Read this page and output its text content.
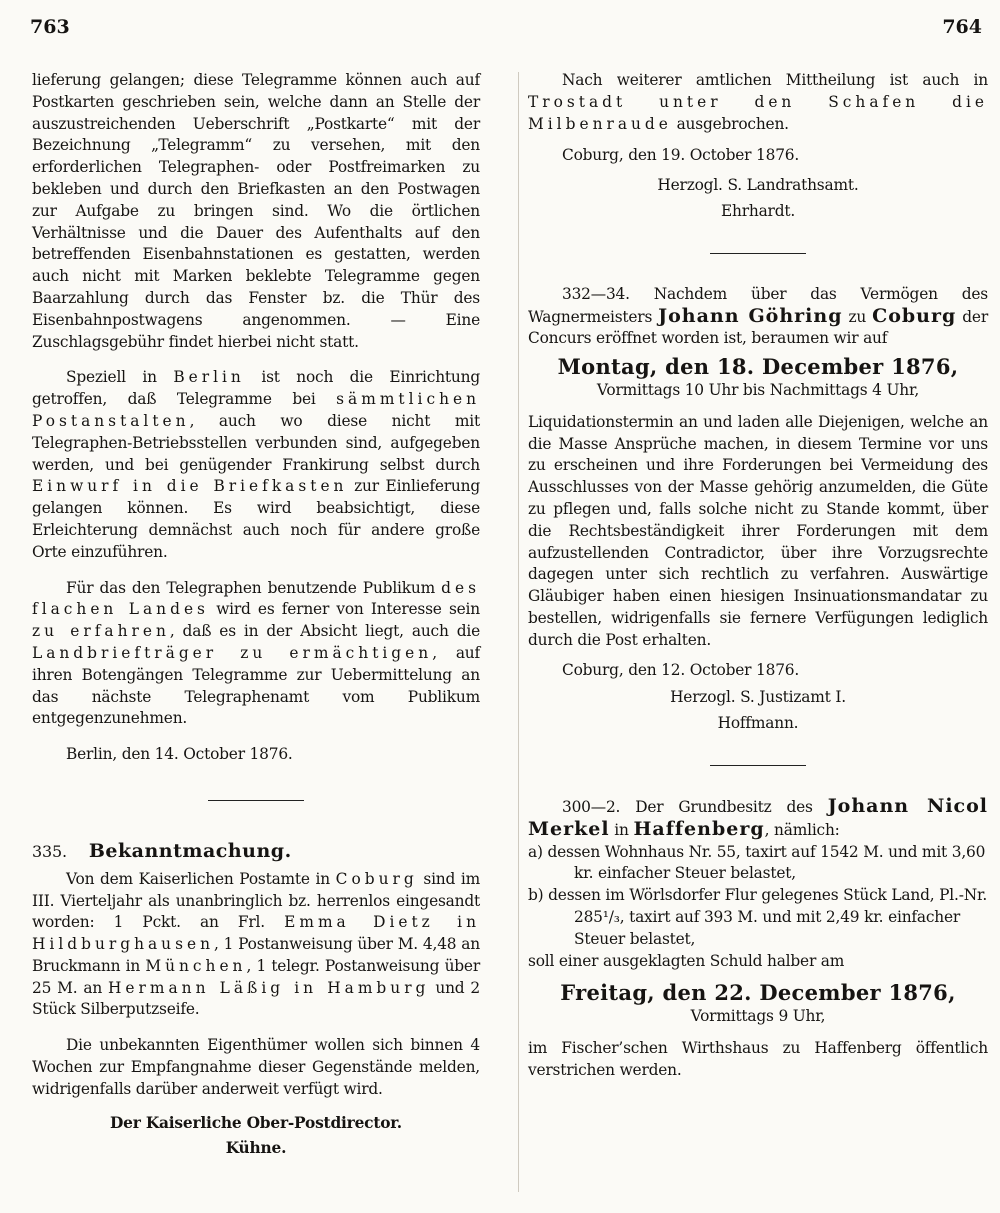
763	764

lieferung gelangen; diese Telegramme können auch auf Postkarten geschrieben sein, welche dann an Stelle der auszustreichenden Ueberschrift „Postkarte“ mit der Bezeichnung „Telegramm“ zu versehen, mit den erforderlichen Telegraphen- oder Postfreimarken zu bekleben und durch den Briefkasten an den Postwagen zur Aufgabe zu bringen sind. Wo die örtlichen Verhältnisse und die Dauer des Aufenthalts auf den betreffenden Eisenbahnstationen es gestatten, werden auch nicht mit Marken beklebte Telegramme gegen Baarzahlung durch das Fenster bz. die Thür des Eisenbahnpostwagens angenommen. — Eine Zuschlagsgebühr findet hierbei nicht statt.

Speziell in Berlin ist noch die Einrichtung getroffen, daß Telegramme bei sämmtlichen Postanstalten, auch wo diese nicht mit Telegraphen-Betriebsstellen verbunden sind, aufgegeben werden, und bei genügender Frankirung selbst durch Einwurf in die Briefkasten zur Einlieferung gelangen können. Es wird beabsichtigt, diese Erleichterung demnächst auch noch für andere große Orte einzuführen.

Für das den Telegraphen benutzende Publikum des flachen Landes wird es ferner von Interesse sein zu erfahren, daß es in der Absicht liegt, auch die Landbriefträger zu ermächtigen, auf ihren Botengängen Telegramme zur Uebermittelung an das nächste Telegraphenamt vom Publikum entgegenzunehmen.

Berlin, den 14. October 1876.

335. Bekanntmachung.

Von dem Kaiserlichen Postamte in Coburg sind im III. Vierteljahr als unanbringlich bz. herrenlos eingesandt worden: 1 Pckt. an Frl. Emma Dietz in Hildburghausen, 1 Postanweisung über M. 4,48 an Bruckmann in München, 1 telegr. Postanweisung über 25 M. an Hermann Läßig in Hamburg und 2 Stück Silberputzseife.

Die unbekannten Eigenthümer wollen sich binnen 4 Wochen zur Empfangnahme dieser Gegenstände melden, widrigenfalls darüber anderweit verfügt wird.

Der Kaiserliche Ober-Postdirector.

Kühne.

Nach weiterer amtlichen Mittheilung ist auch in Trostadt unter den Schafen die Milbenraude ausgebrochen.

Coburg, den 19. October 1876.

Herzogl. S. Landrathsamt.

Ehrhardt.

332—34. Nachdem über das Vermögen des Wagnermeisters Johann Göhring zu Coburg der Concurs eröffnet worden ist, beraumen wir auf

Montag, den 18. December 1876,

Vormittags 10 Uhr bis Nachmittags 4 Uhr,

Liquidationstermin an und laden alle Diejenigen, welche an die Masse Ansprüche machen, in diesem Termine vor uns zu erscheinen und ihre Forderungen bei Vermeidung des Ausschlusses von der Masse gehörig anzumelden, die Güte zu pflegen und, falls solche nicht zu Stande kommt, über die Rechtsbeständigkeit ihrer Forderungen mit dem aufzustellenden Contradictor, über ihre Vorzugsrechte dagegen unter sich rechtlich zu verfahren. Auswärtige Gläubiger haben einen hiesigen Insinuationsmandatar zu bestellen, widrigenfalls sie fernere Verfügungen lediglich durch die Post erhalten.

Coburg, den 12. October 1876.

Herzogl. S. Justizamt I.

Hoffmann.

300—2. Der Grundbesitz des Johann Nicol Merkel in Haffenberg, nämlich:

a) dessen Wohnhaus Nr. 55, taxirt auf 1542 M. und mit 3,60 kr. einfacher Steuer belastet,

b) dessen im Wörlsdorfer Flur gelegenes Stück Land, Pl.-Nr. 285¹/₃, taxirt auf 393 M. und mit 2,49 kr. einfacher Steuer belastet,

soll einer ausgeklagten Schuld halber am

Freitag, den 22. December 1876,

Vormittags 9 Uhr,

im Fischer’schen Wirthshaus zu Haffenberg öffentlich verstrichen werden.
